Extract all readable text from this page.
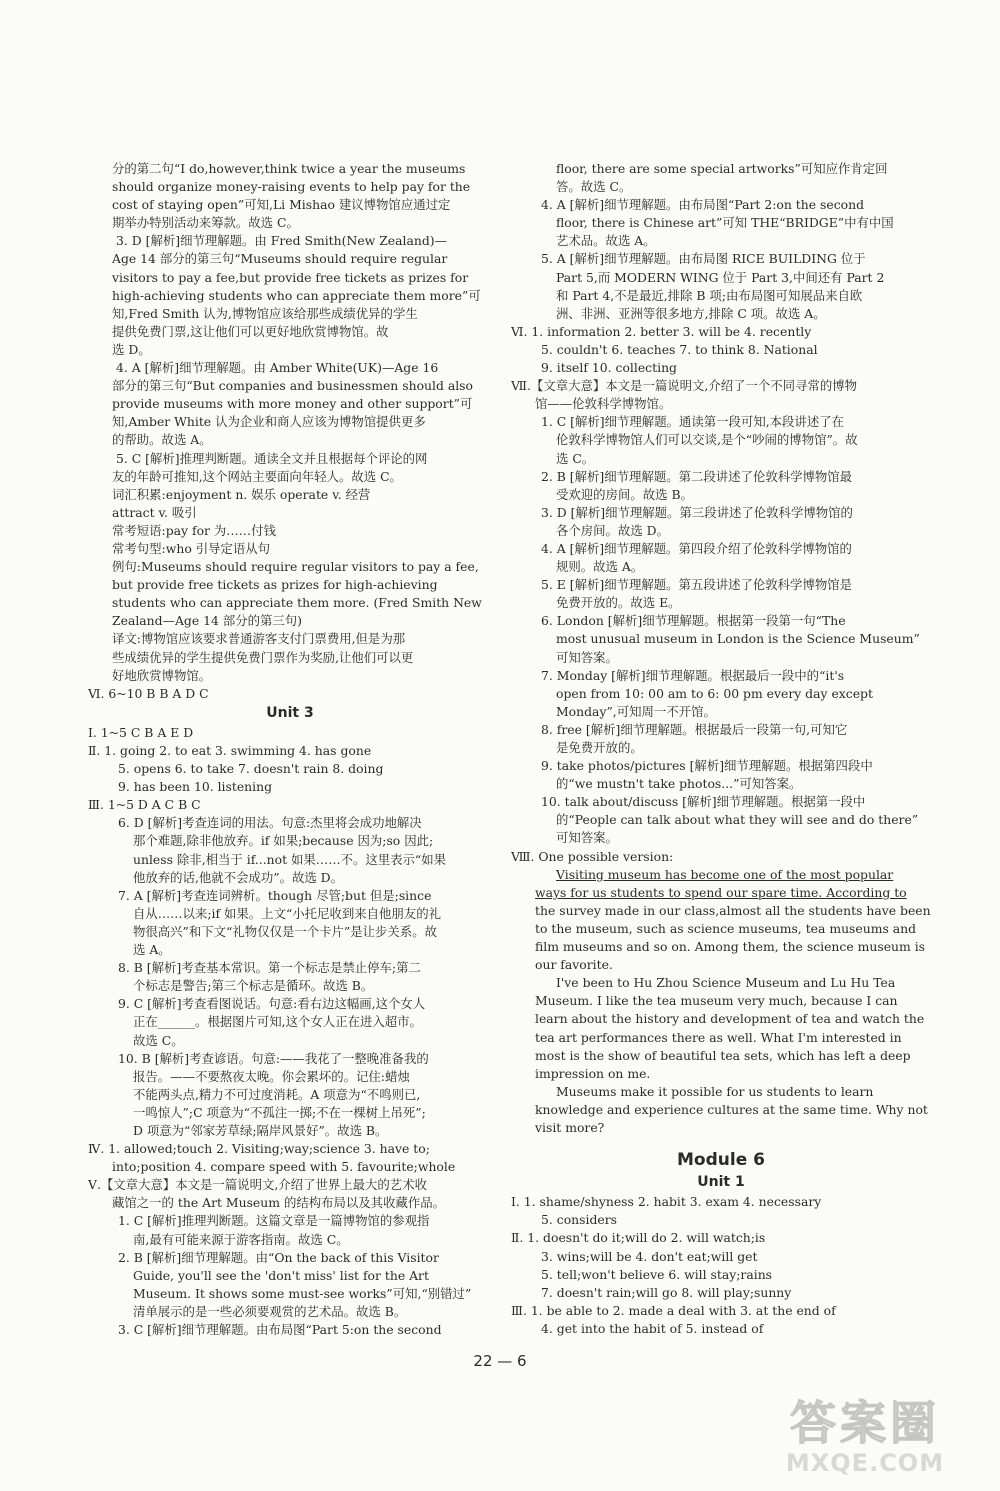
分的第二句“I do,however,think twice a year the museums
should organize money-raising events to help pay for the
cost of staying open”可知,Li Mishao 建议博物馆应通过定
期举办特别活动来筹款。故选 C。
3. D [解析]细节理解题。由 Fred Smith(New Zealand)—
Age 14 部分的第三句“Museums should require regular
visitors to pay a fee,but provide free tickets as prizes for
high-achieving students who can appreciate them more”可
知,Fred Smith 认为,博物馆应该给那些成绩优异的学生
提供免费门票,这让他们可以更好地欣赏博物馆。故
选 D。
4. A [解析]细节理解题。由 Amber White(UK)—Age 16
部分的第三句“But companies and businessmen should also
provide museums with more money and other support”可
知,Amber White 认为企业和商人应该为博物馆提供更多
的帮助。故选 A。
5. C [解析]推理判断题。通读全文并且根据每个评论的网
友的年龄可推知,这个网站主要面向年轻人。故选 C。
词汇积累:enjoyment n. 娱乐 operate v. 经营
attract v. 吸引
常考短语:pay for 为……付钱
常考句型:who 引导定语从句
例句:Museums should require regular visitors to pay a fee,
but provide free tickets as prizes for high-achieving
students who can appreciate them more. (Fred Smith New
Zealand—Age 14 部分的第三句)
译文:博物馆应该要求普通游客支付门票费用,但是为那
些成绩优异的学生提供免费门票作为奖励,让他们可以更
好地欣赏博物馆。
Ⅵ. 6~10 B B A D C
Unit 3
Ⅰ. 1~5 C B A E D
Ⅱ. 1. going 2. to eat 3. swimming 4. has gone
5. opens 6. to take 7. doesn't rain 8. doing
9. has been 10. listening
Ⅲ. 1~5 D A C B C
6. D [解析]考查连词的用法。句意:杰里将会成功地解决
那个难题,除非他放弃。if 如果;because 因为;so 因此;
unless 除非,相当于 if...not 如果……不。这里表示“如果
他放弃的话,他就不会成功”。故选 D。
7. A [解析]考查连词辨析。though 尽管;but 但是;since
自从……以来;if 如果。上文“小托尼收到来自他朋友的礼
物很高兴”和下文“礼物仅仅是一个卡片”是让步关系。故
选 A。
8. B [解析]考查基本常识。第一个标志是禁止停车;第二
个标志是警告;第三个标志是循环。故选 B。
9. C [解析]考查看图说话。句意:看右边这幅画,这个女人
正在______。根据图片可知,这个女人正在进入超市。
故选 C。
10. B [解析]考查谚语。句意:——我花了一整晚准备我的
报告。——不要熬夜太晚。你会累坏的。记住:蜡烛
不能两头点,精力不可过度消耗。A 项意为“不鸣则已,
一鸣惊人”;C 项意为“不孤注一掷;不在一棵树上吊死”;
D 项意为“邻家芳草绿;隔岸风景好”。故选 B。
Ⅳ. 1. allowed;touch 2. Visiting;way;science 3. have to;
into;position 4. compare speed with 5. favourite;whole
Ⅴ.【文章大意】本文是一篇说明文,介绍了世界上最大的艺术收
藏馆之一的 the Art Museum 的结构布局以及其收藏作品。
1. C [解析]推理判断题。这篇文章是一篇博物馆的参观指
南,最有可能来源于游客指南。故选 C。
2. B [解析]细节理解题。由“On the back of this Visitor
Guide, you'll see the 'don't miss' list for the Art
Museum. It shows some must-see works”可知,“别错过”
清单展示的是一些必须要观赏的艺术品。故选 B。
3. C [解析]细节理解题。由布局图“Part 5:on the second
floor, there are some special artworks”可知应作肯定回
答。故选 C。
4. A [解析]细节理解题。由布局图“Part 2:on the second
floor, there is Chinese art”可知 THE“BRIDGE”中有中国
艺术品。故选 A。
5. A [解析]细节理解题。由布局图 RICE BUILDING 位于
Part 5,而 MODERN WING 位于 Part 3,中间还有 Part 2
和 Part 4,不是最近,排除 B 项;由布局图可知展品来自欧
洲、非洲、亚洲等很多地方,排除 C 项。故选 A。
Ⅵ. 1. information 2. better 3. will be 4. recently
5. couldn't 6. teaches 7. to think 8. National
9. itself 10. collecting
Ⅶ.【文章大意】本文是一篇说明文,介绍了一个不同寻常的博物
馆——伦敦科学博物馆。
1. C [解析]细节理解题。通读第一段可知,本段讲述了在
伦敦科学博物馆人们可以交谈,是个“吵闹的博物馆”。故
选 C。
2. B [解析]细节理解题。第二段讲述了伦敦科学博物馆最
受欢迎的房间。故选 B。
3. D [解析]细节理解题。第三段讲述了伦敦科学博物馆的
各个房间。故选 D。
4. A [解析]细节理解题。第四段介绍了伦敦科学博物馆的
规则。故选 A。
5. E [解析]细节理解题。第五段讲述了伦敦科学博物馆是
免费开放的。故选 E。
6. London [解析]细节理解题。根据第一段第一句“The
most unusual museum in London is the Science Museum”
可知答案。
7. Monday [解析]细节理解题。根据最后一段中的“it's
open from 10: 00 am to 6: 00 pm every day except
Monday”,可知周一不开馆。
8. free [解析]细节理解题。根据最后一段第一句,可知它
是免费开放的。
9. take photos/pictures [解析]细节理解题。根据第四段中
的“we mustn't take photos...”可知答案。
10. talk about/discuss [解析]细节理解题。根据第一段中
的“People can talk about what they will see and do there”
可知答案。
Ⅷ. One possible version:
Visiting museum has become one of the most popular
ways for us students to spend our spare time. According to
the survey made in our class,almost all the students have been
to the museum, such as science museums, tea museums and
film museums and so on. Among them, the science museum is
our favorite.
I've been to Hu Zhou Science Museum and Lu Hu Tea
Museum. I like the tea museum very much, because I can
learn about the history and development of tea and watch the
tea art performances there as well. What I'm interested in
most is the show of beautiful tea sets, which has left a deep
impression on me.
Museums make it possible for us students to learn
knowledge and experience cultures at the same time. Why not
visit more?
Module 6
Unit 1
Ⅰ. 1. shame/shyness 2. habit 3. exam 4. necessary
5. considers
Ⅱ. 1. doesn't do it;will do 2. will watch;is
3. wins;will be 4. don't eat;will get
5. tell;won't believe 6. will stay;rains
7. doesn't rain;will go 8. will play;sunny
Ⅲ. 1. be able to 2. made a deal with 3. at the end of
4. get into the habit of 5. instead of
22 — 6
答案圈
MXQE.COM
